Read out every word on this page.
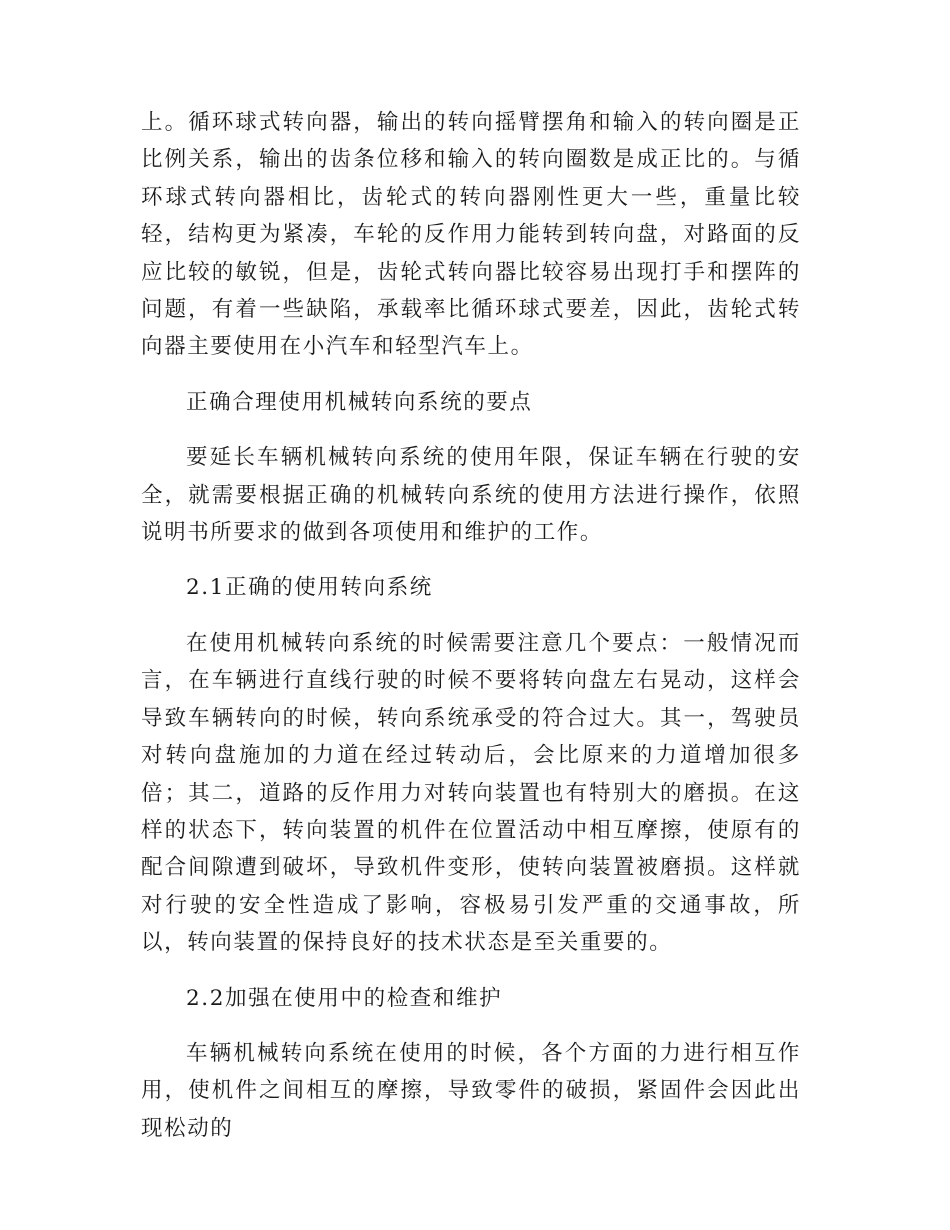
上。循环球式转向器，输出的转向摇臂摆角和输入的转向圈是正比例关系，输出的齿条位移和输入的转向圈数是成正比的。与循环球式转向器相比，齿轮式的转向器刚性更大一些，重量比较轻，结构更为紧凑，车轮的反作用力能转到转向盘，对路面的反应比较的敏锐，但是，齿轮式转向器比较容易出现打手和摆阵的问题，有着一些缺陷，承载率比循环球式要差，因此，齿轮式转向器主要使用在小汽车和轻型汽车上。

正确合理使用机械转向系统的要点

要延长车辆机械转向系统的使用年限，保证车辆在行驶的安全，就需要根据正确的机械转向系统的使用方法进行操作，依照说明书所要求的做到各项使用和维护的工作。

2.1正确的使用转向系统

在使用机械转向系统的时候需要注意几个要点：一般情况而言，在车辆进行直线行驶的时候不要将转向盘左右晃动，这样会导致车辆转向的时候，转向系统承受的符合过大。其一，驾驶员对转向盘施加的力道在经过转动后，会比原来的力道增加很多倍；其二，道路的反作用力对转向装置也有特别大的磨损。在这样的状态下，转向装置的机件在位置活动中相互摩擦，使原有的配合间隙遭到破坏，导致机件变形，使转向装置被磨损。这样就对行驶的安全性造成了影响，容极易引发严重的交通事故，所以，转向装置的保持良好的技术状态是至关重要的。

2.2加强在使用中的检查和维护

车辆机械转向系统在使用的时候，各个方面的力进行相互作用，使机件之间相互的摩擦，导致零件的破损，紧固件会因此出现松动的
